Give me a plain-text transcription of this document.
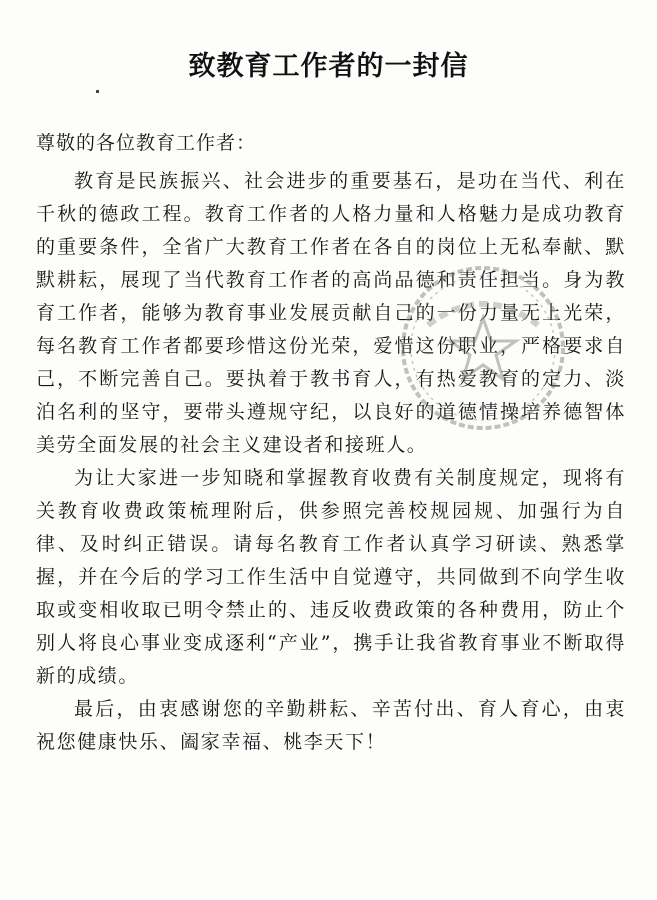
致教育工作者的一封信
尊敬的各位教育工作者：

教育是民族振兴、社会进步的重要基石，是功在当代、利在千秋的德政工程。教育工作者的人格力量和人格魅力是成功教育的重要条件，全省广大教育工作者在各自的岗位上无私奉献、默默耕耘，展现了当代教育工作者的高尚品德和责任担当。身为教育工作者，能够为教育事业发展贡献自己的一份力量无上光荣，每名教育工作者都要珍惜这份光荣，爱惜这份职业，严格要求自己，不断完善自己。要执着于教书育人，有热爱教育的定力、淡泊名利的坚守，要带头遵规守纪，以良好的道德情操培养德智体美劳全面发展的社会主义建设者和接班人。

为让大家进一步知晓和掌握教育收费有关制度规定，现将有关教育收费政策梳理附后，供参照完善校规园规、加强行为自律、及时纠正错误。请每名教育工作者认真学习研读、熟悉掌握，并在今后的学习工作生活中自觉遵守，共同做到不向学生收取或变相收取已明令禁止的、违反收费政策的各种费用，防止个别人将良心事业变成逐利“产业”，携手让我省教育事业不断取得新的成绩。

最后，由衷感谢您的辛勤耕耘、辛苦付出、育人育心，由衷祝您健康快乐、阖家幸福、桃李天下！
